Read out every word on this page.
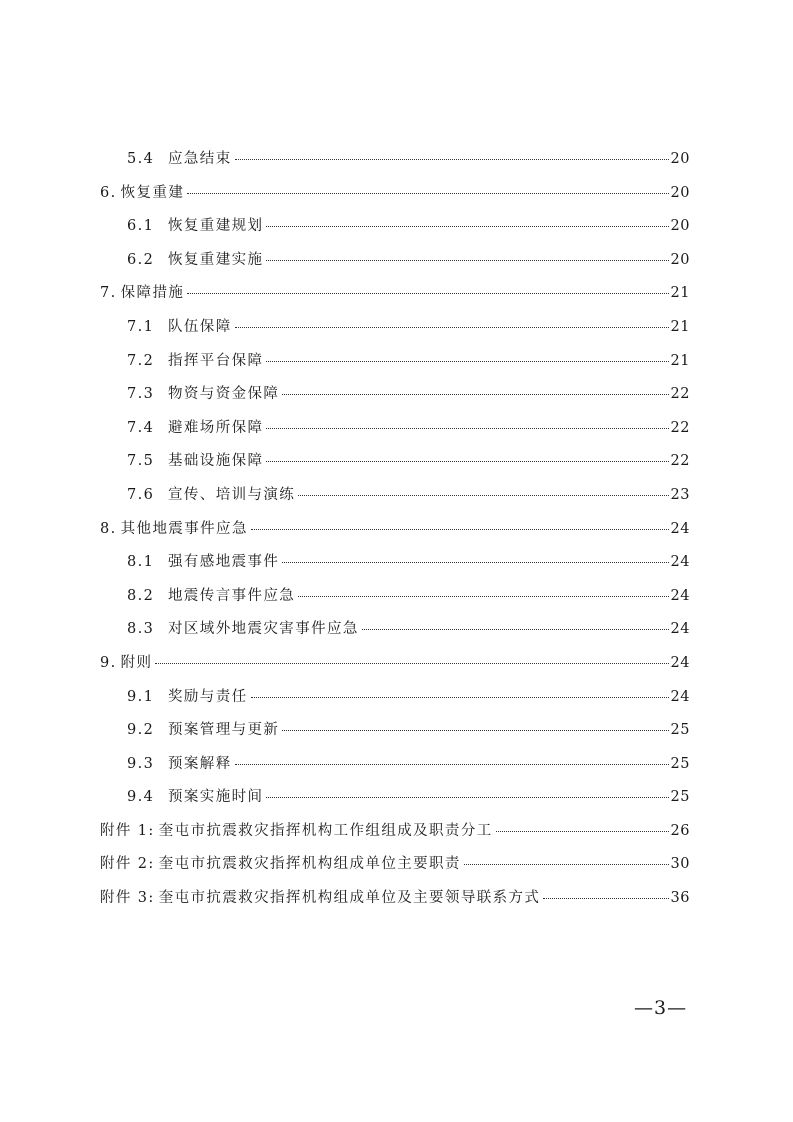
5.4 应急结束	20
6. 恢复重建	20
6.1 恢复重建规划	20
6.2 恢复重建实施	20
7. 保障措施	21
7.1 队伍保障	21
7.2 指挥平台保障	21
7.3 物资与资金保障	22
7.4 避难场所保障	22
7.5 基础设施保障	22
7.6 宣传、培训与演练	23
8. 其他地震事件应急	24
8.1 强有感地震事件	24
8.2 地震传言事件应急	24
8.3 对区域外地震灾害事件应急	24
9. 附则	24
9.1 奖励与责任	24
9.2 预案管理与更新	25
9.3 预案解释	25
9.4 预案实施时间	25
附件 1: 奎屯市抗震救灾指挥机构工作组组成及职责分工	26
附件 2: 奎屯市抗震救灾指挥机构组成单位主要职责	30
附件 3: 奎屯市抗震救灾指挥机构组成单位及主要领导联系方式	36
—3—
